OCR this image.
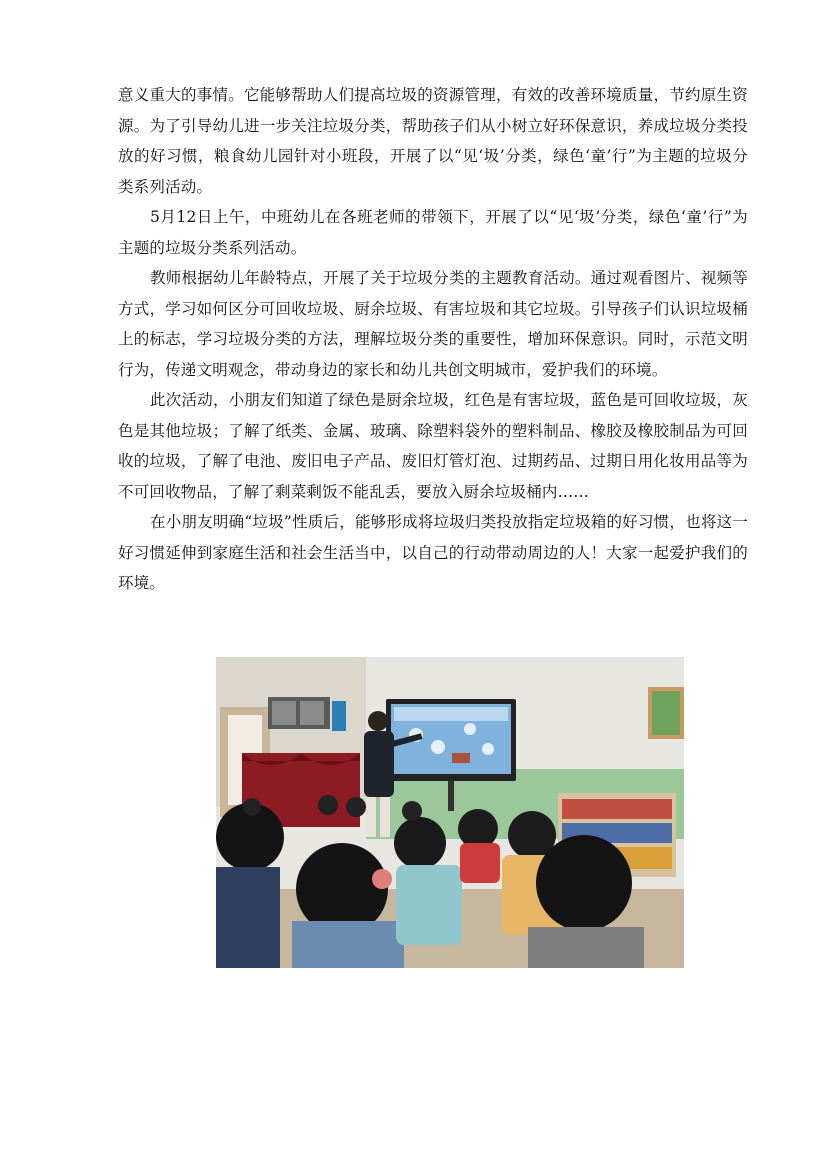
意义重大的事情。它能够帮助人们提高垃圾的资源管理，有效的改善环境质量，节约原生资源。为了引导幼儿进一步关注垃圾分类，帮助孩子们从小树立好环保意识，养成垃圾分类投放的好习惯，粮食幼儿园针对小班段，开展了以“见‘圾’分类，绿色‘童’行”为主题的垃圾分类系列活动。

5月12日上午，中班幼儿在各班老师的带领下，开展了以“见‘圾’分类，绿色‘童’行”为主题的垃圾分类系列活动。

教师根据幼儿年龄特点，开展了关于垃圾分类的主题教育活动。通过观看图片、视频等方式，学习如何区分可回收垃圾、厨余垃圾、有害垃圾和其它垃圾。引导孩子们认识垃圾桶上的标志，学习垃圾分类的方法，理解垃圾分类的重要性，增加环保意识。同时，示范文明行为，传递文明观念，带动身边的家长和幼儿共创文明城市，爱护我们的环境。

此次活动，小朋友们知道了绿色是厨余垃圾，红色是有害垃圾，蓝色是可回收垃圾，灰色是其他垃圾；了解了纸类、金属、玻璃、除塑料袋外的塑料制品、橡胶及橡胶制品为可回收的垃圾，了解了电池、废旧电子产品、废旧灯管灯泡、过期药品、过期日用化妆用品等为不可回收物品，了解了剩菜剩饭不能乱丢，要放入厨余垃圾桶内……

在小朋友明确“垃圾”性质后，能够形成将垃圾归类投放指定垃圾箱的好习惯，也将这一好习惯延伸到家庭生活和社会生活当中，以自己的行动带动周边的人！大家一起爱护我们的环境。
